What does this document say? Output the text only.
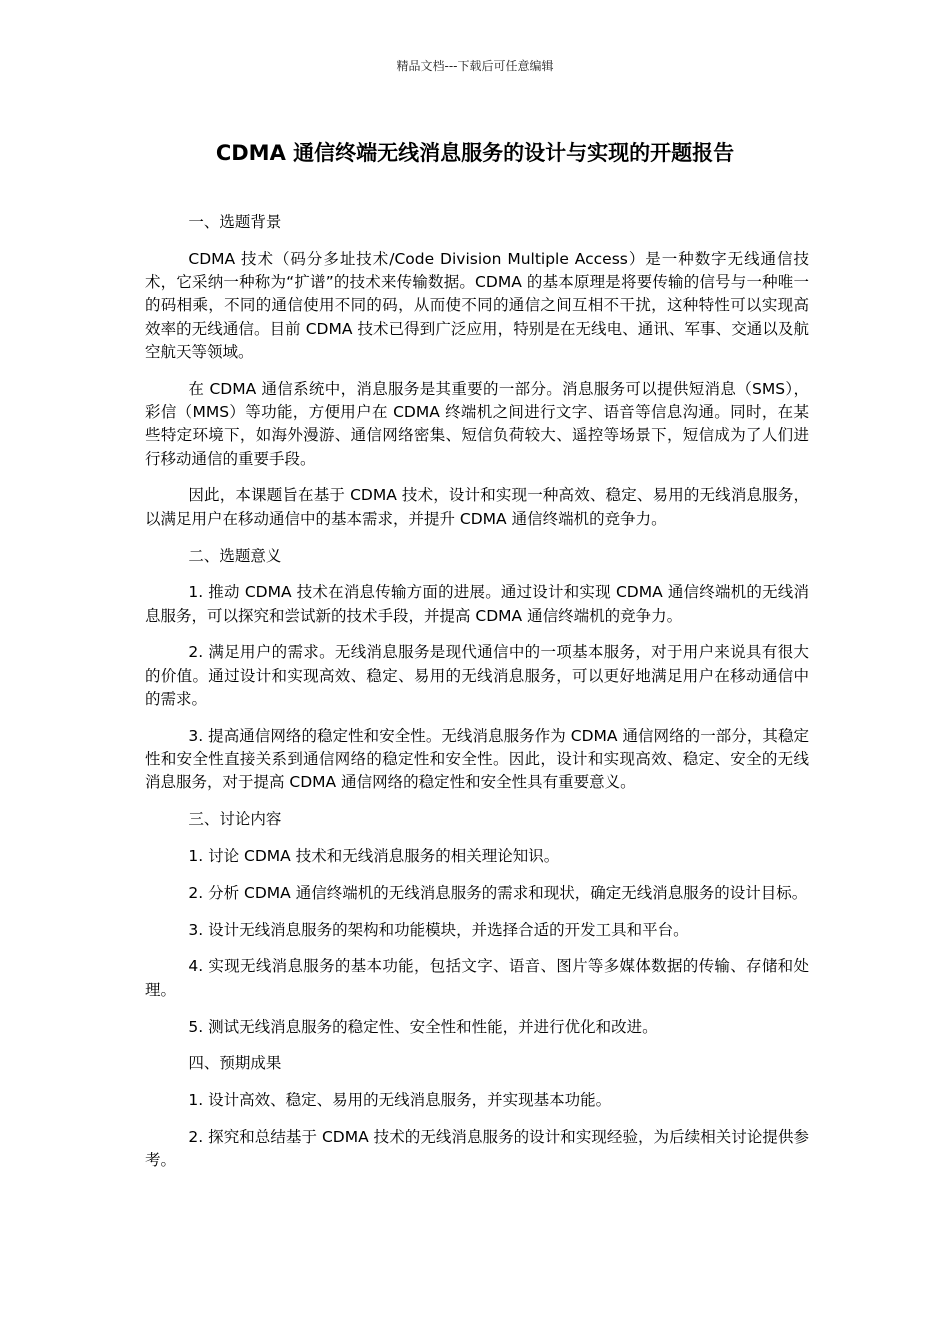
精品文档---下载后可任意编辑
CDMA 通信终端无线消息服务的设计与实现的开题报告

一、选题背景

CDMA 技术（码分多址技术/Code Division Multiple Access）是一种数字无线通信技术，它采纳一种称为“扩谱”的技术来传输数据。CDMA 的基本原理是将要传输的信号与一种唯一的码相乘，不同的通信使用不同的码，从而使不同的通信之间互相不干扰，这种特性可以实现高效率的无线通信。目前 CDMA 技术已得到广泛应用，特别是在无线电、通讯、军事、交通以及航空航天等领域。

在 CDMA 通信系统中，消息服务是其重要的一部分。消息服务可以提供短消息（SMS），彩信（MMS）等功能，方便用户在 CDMA 终端机之间进行文字、语音等信息沟通。同时，在某些特定环境下，如海外漫游、通信网络密集、短信负荷较大、遥控等场景下，短信成为了人们进行移动通信的重要手段。

因此，本课题旨在基于 CDMA 技术，设计和实现一种高效、稳定、易用的无线消息服务，以满足用户在移动通信中的基本需求，并提升 CDMA 通信终端机的竞争力。

二、选题意义

1. 推动 CDMA 技术在消息传输方面的进展。通过设计和实现 CDMA 通信终端机的无线消息服务，可以探究和尝试新的技术手段，并提高 CDMA 通信终端机的竞争力。

2. 满足用户的需求。无线消息服务是现代通信中的一项基本服务，对于用户来说具有很大的价值。通过设计和实现高效、稳定、易用的无线消息服务，可以更好地满足用户在移动通信中的需求。

3. 提高通信网络的稳定性和安全性。无线消息服务作为 CDMA 通信网络的一部分，其稳定性和安全性直接关系到通信网络的稳定性和安全性。因此，设计和实现高效、稳定、安全的无线消息服务，对于提高 CDMA 通信网络的稳定性和安全性具有重要意义。

三、讨论内容

1. 讨论 CDMA 技术和无线消息服务的相关理论知识。

2. 分析 CDMA 通信终端机的无线消息服务的需求和现状，确定无线消息服务的设计目标。

3. 设计无线消息服务的架构和功能模块，并选择合适的开发工具和平台。

4. 实现无线消息服务的基本功能，包括文字、语音、图片等多媒体数据的传输、存储和处理。

5. 测试无线消息服务的稳定性、安全性和性能，并进行优化和改进。

四、预期成果

1. 设计高效、稳定、易用的无线消息服务，并实现基本功能。

2. 探究和总结基于 CDMA 技术的无线消息服务的设计和实现经验，为后续相关讨论提供参考。
